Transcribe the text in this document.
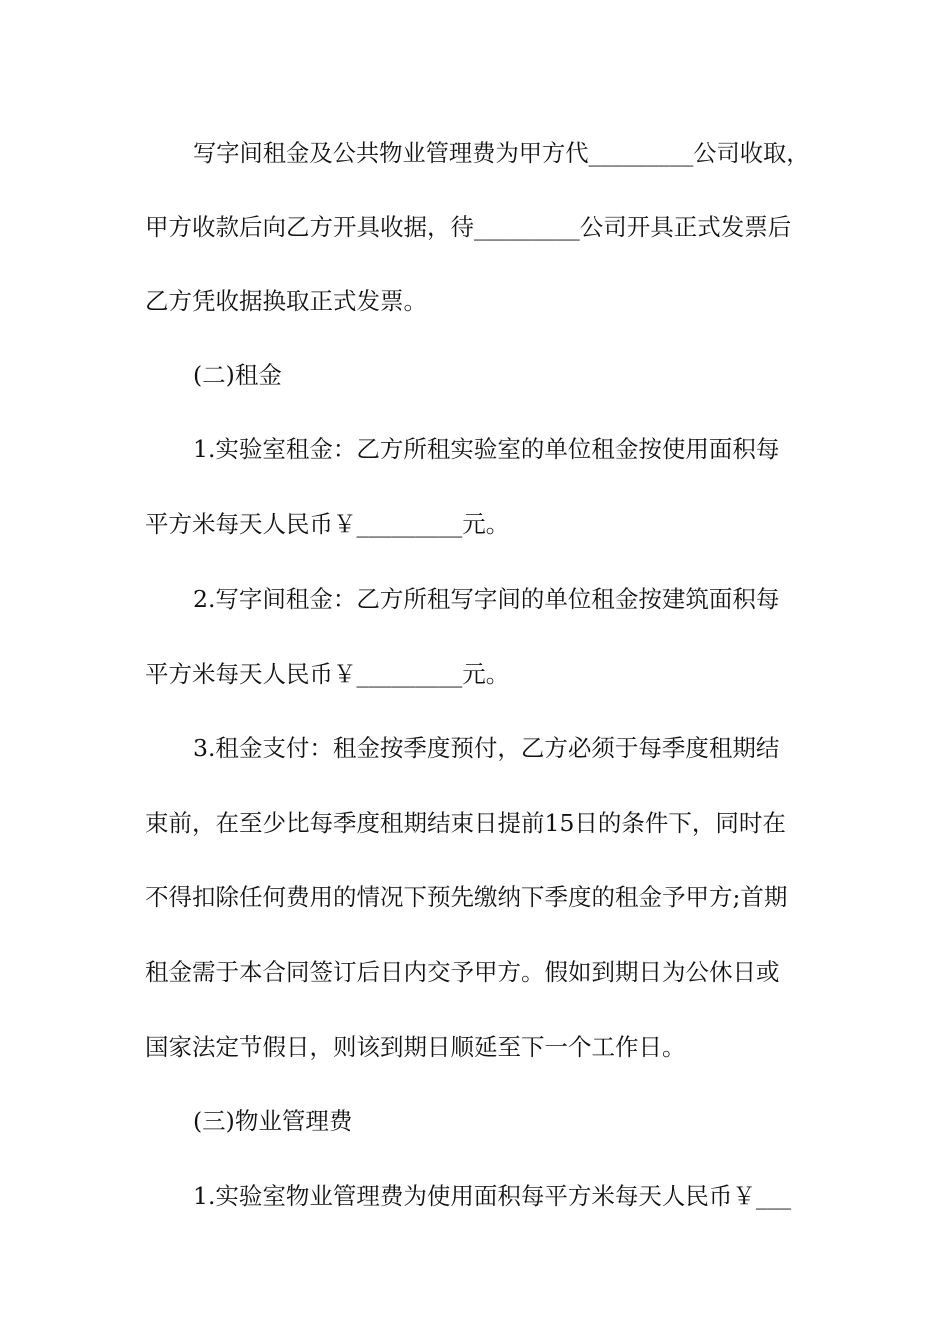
写字间租金及公共物业管理费为甲方代_________公司收取，

甲方收款后向乙方开具收据，待_________公司开具正式发票后

乙方凭收据换取正式发票。

(二)租金

1.实验室租金：乙方所租实验室的单位租金按使用面积每

平方米每天人民币￥_________元。

2.写字间租金：乙方所租写字间的单位租金按建筑面积每

平方米每天人民币￥_________元。

3.租金支付：租金按季度预付，乙方必须于每季度租期结

束前，在至少比每季度租期结束日提前15日的条件下，同时在

不得扣除任何费用的情况下预先缴纳下季度的租金予甲方;首期

租金需于本合同签订后日内交予甲方。假如到期日为公休日或

国家法定节假日，则该到期日顺延至下一个工作日。

(三)物业管理费

1.实验室物业管理费为使用面积每平方米每天人民币￥___
